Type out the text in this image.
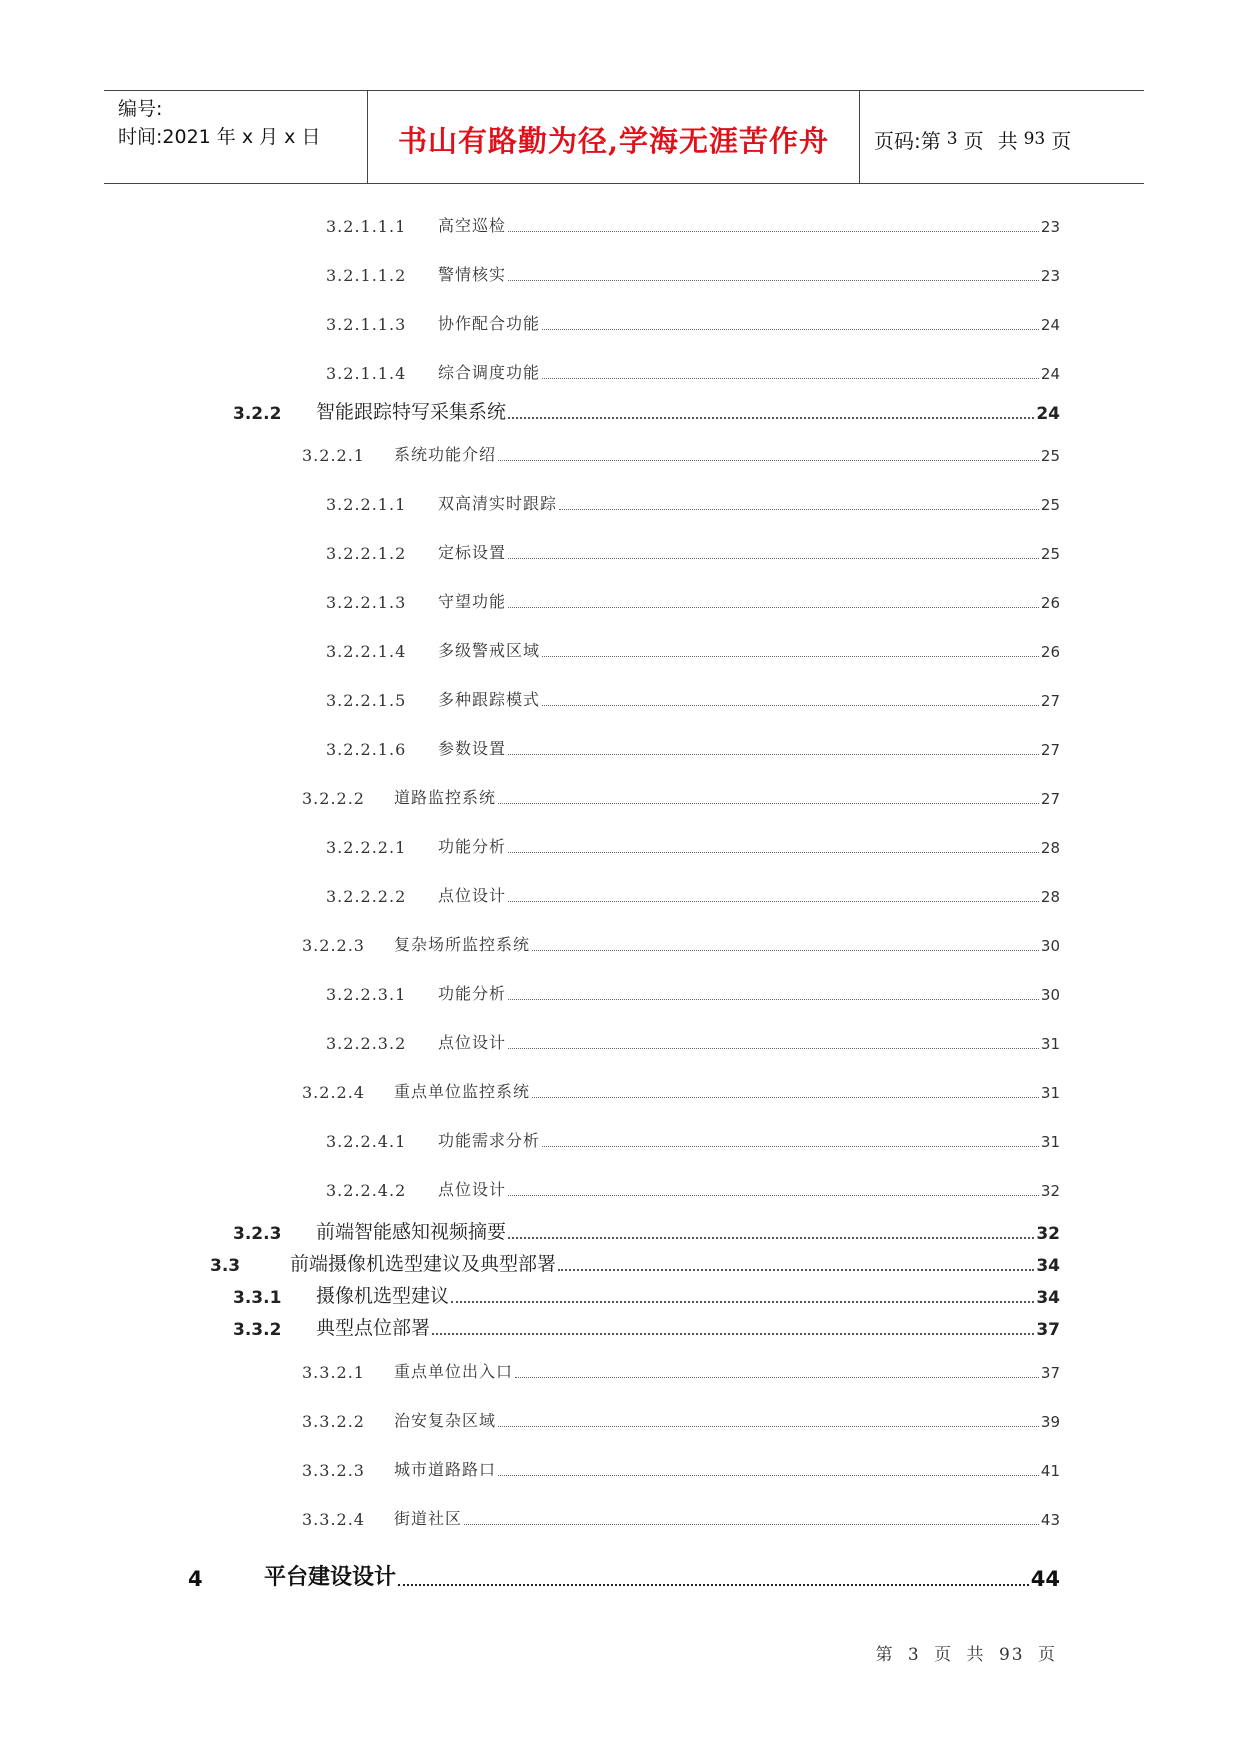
编号:
时间:2021 年 x 月 x 日	书山有路勤为径,学海无涯苦作舟	页码:第 3 页 共 93 页
3.2.1.1.1 高空巡检	23
3.2.1.1.2 警情核实	23
3.2.1.1.3 协作配合功能	24
3.2.1.1.4 综合调度功能	24
3.2.2 智能跟踪特写采集系统	24
3.2.2.1 系统功能介绍	25
3.2.2.1.1 双高清实时跟踪	25
3.2.2.1.2 定标设置	25
3.2.2.1.3 守望功能	26
3.2.2.1.4 多级警戒区域	26
3.2.2.1.5 多种跟踪模式	27
3.2.2.1.6 参数设置	27
3.2.2.2 道路监控系统	27
3.2.2.2.1 功能分析	28
3.2.2.2.2 点位设计	28
3.2.2.3 复杂场所监控系统	30
3.2.2.3.1 功能分析	30
3.2.2.3.2 点位设计	31
3.2.2.4 重点单位监控系统	31
3.2.2.4.1 功能需求分析	31
3.2.2.4.2 点位设计	32
3.2.3 前端智能感知视频摘要	32
3.3	前端摄像机选型建议及典型部署	34
3.3.1 摄像机选型建议	34
3.3.2 典型点位部署	37
3.3.2.1 重点单位出入口	37
3.3.2.2 治安复杂区域	39
3.3.2.3 城市道路路口	41
3.3.2.4 街道社区	43
4	平台建设设计	44
第 3 页 共 93 页
